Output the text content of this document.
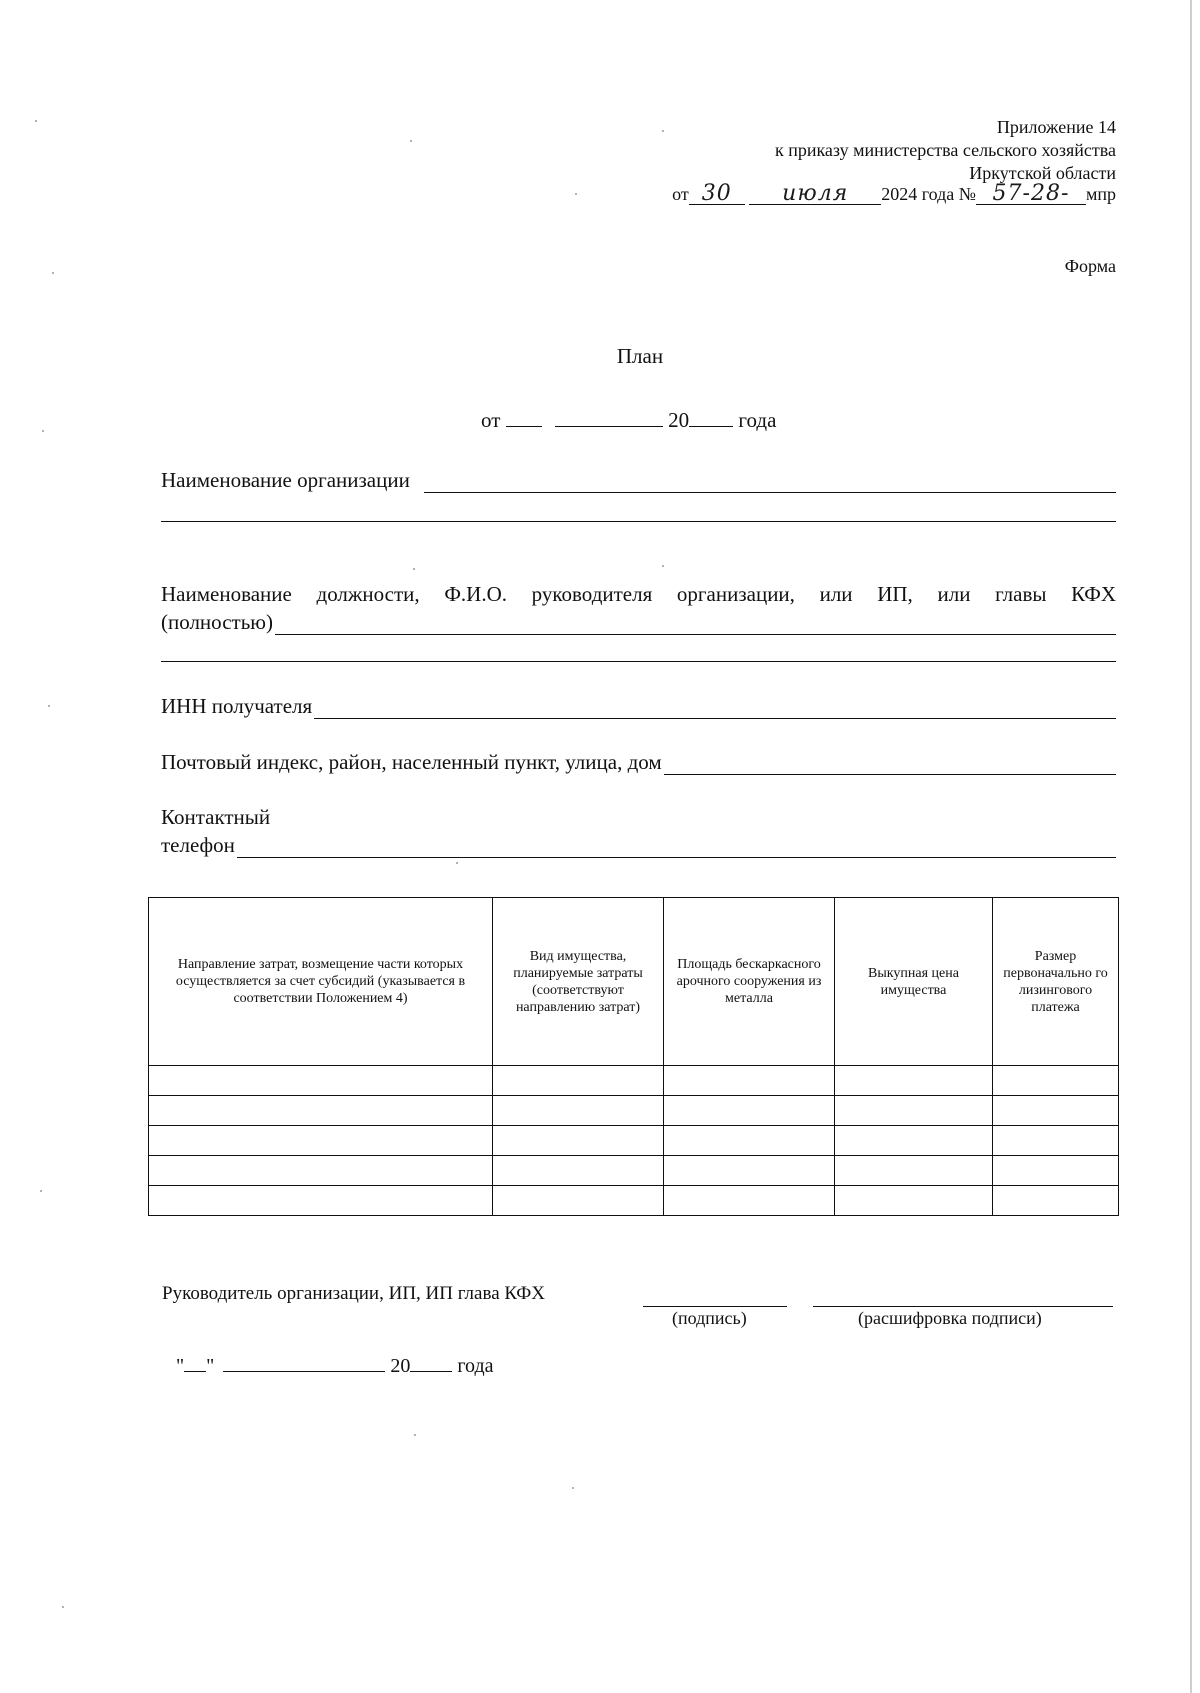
Приложение 14
к приказу министерства сельского хозяйства
Иркутской области
от 30 июля 2024 года № 57-28- мпр
Форма
План
от	20 года
Наименование организации
Наименование должности, Ф.И.О. руководителя организации, или ИП, или главы КФХ
(полностью)
ИНН получателя
Почтовый индекс, район, населенный пункт, улица, дом
Контактный
телефон
Направление затрат, возмещение части которых осуществляется за счет субсидий (указывается в соответствии Положением 4)	Вид имущества, планируемые затраты (соответствуют направлению затрат)	Площадь бескаркасного арочного сооружения из металла	Выкупная цена имущества	Размер первоначально го лизингового платежа

Руководитель организации, ИП, ИП глава КФХ
(подпись)	(расшифровка подписи)
" "	20 года
